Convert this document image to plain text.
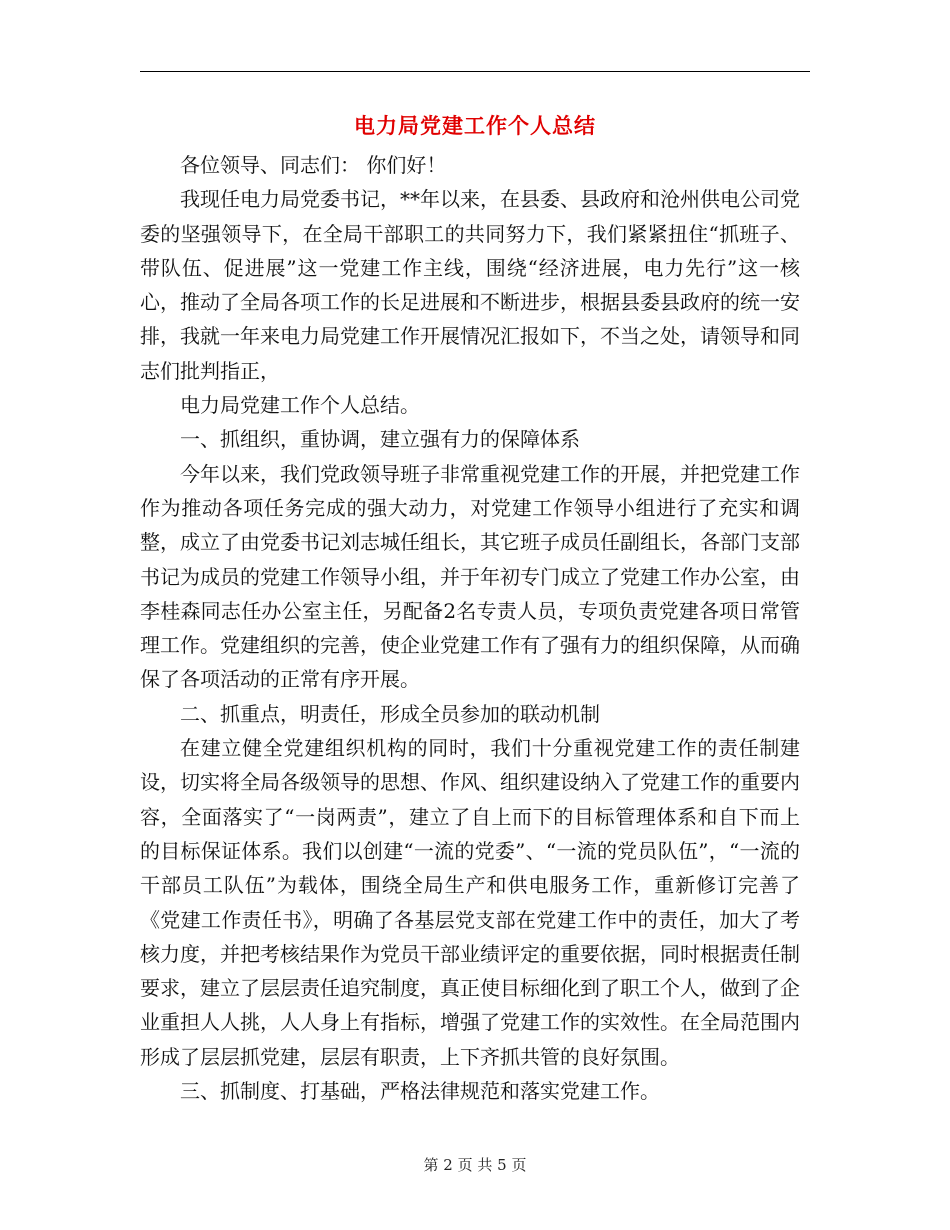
电力局党建工作个人总结

各位领导、同志们： 你们好！

我现任电力局党委书记，**年以来，在县委、县政府和沧州供电公司党委的坚强领导下，在全局干部职工的共同努力下，我们紧紧扭住“抓班子、带队伍、促进展”这一党建工作主线，围绕“经济进展，电力先行”这一核心，推动了全局各项工作的长足进展和不断进步，根据县委县政府的统一安排，我就一年来电力局党建工作开展情况汇报如下，不当之处，请领导和同志们批判指正，

电力局党建工作个人总结。

一、抓组织，重协调，建立强有力的保障体系

今年以来，我们党政领导班子非常重视党建工作的开展，并把党建工作作为推动各项任务完成的强大动力，对党建工作领导小组进行了充实和调整，成立了由党委书记刘志城任组长，其它班子成员任副组长，各部门支部书记为成员的党建工作领导小组，并于年初专门成立了党建工作办公室，由李桂森同志任办公室主任，另配备2名专责人员，专项负责党建各项日常管理工作。党建组织的完善，使企业党建工作有了强有力的组织保障，从而确保了各项活动的正常有序开展。

二、抓重点，明责任，形成全员参加的联动机制

在建立健全党建组织机构的同时，我们十分重视党建工作的责任制建设，切实将全局各级领导的思想、作风、组织建设纳入了党建工作的重要内容，全面落实了“一岗两责”，建立了自上而下的目标管理体系和自下而上的目标保证体系。我们以创建“一流的党委”、“一流的党员队伍”，“一流的干部员工队伍”为载体，围绕全局生产和供电服务工作，重新修订完善了《党建工作责任书》，明确了各基层党支部在党建工作中的责任，加大了考核力度，并把考核结果作为党员干部业绩评定的重要依据，同时根据责任制要求，建立了层层责任追究制度，真正使目标细化到了职工个人，做到了企业重担人人挑，人人身上有指标，增强了党建工作的实效性。在全局范围内形成了层层抓党建，层层有职责，上下齐抓共管的良好氛围。

三、抓制度、打基础，严格法律规范和落实党建工作。

第 2 页 共 5 页
